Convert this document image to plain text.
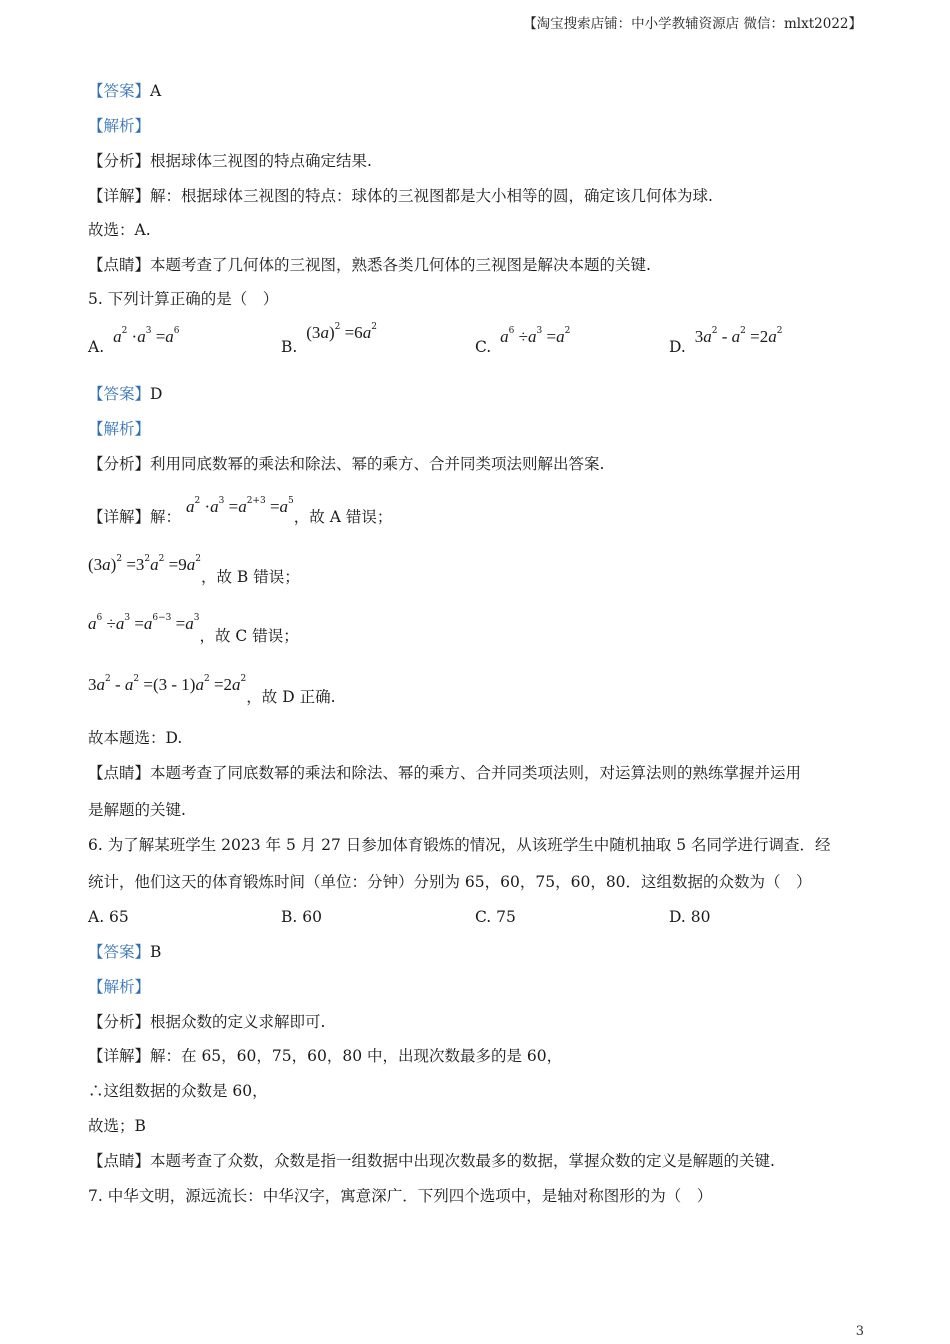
【淘宝搜索店铺：中小学教辅资源店 微信：mlxt2022】
【答案】A
【解析】
【分析】根据球体三视图的特点确定结果.
【详解】解：根据球体三视图的特点：球体的三视图都是大小相等的圆，确定该几何体为球.
故选：A.
【点睛】本题考查了几何体的三视图，熟悉各类几何体的三视图是解决本题的关键.
5. 下列计算正确的是（　）
A. $a^2 \cdot a^3 =a^6$
B. $(3a)^2 =6a^2$
C. $a^6 \div a^3 =a^2$
D. $3a^2 - a^2 =2a^2$
【答案】D
【解析】
【分析】利用同底数幂的乘法和除法、幂的乘方、合并同类项法则解出答案.
【详解】解： $a^2 \cdot a^3 =a^{2+3} =a^5$，故 A 错误；
$(3a)^2 =3^2a^2 =9a^2$，故 B 错误；
$a^6 \div a^3 =a^{6-3} =a^3$，故 C 错误；
$3a^2 - a^2 =(3 - 1)a^2 =2a^2$，故 D 正确.
故本题选：D.
【点睛】本题考查了同底数幂的乘法和除法、幂的乘方、合并同类项法则，对运算法则的熟练掌握并运用
是解题的关键.
6. 为了解某班学生 2023 年 5 月 27 日参加体育锻炼的情况，从该班学生中随机抽取 5 名同学进行调查．经
统计，他们这天的体育锻炼时间（单位：分钟）分别为 65，60，75，60，80．这组数据的众数为（　）
A. 65	B. 60	C. 75	D. 80
【答案】B
【解析】
【分析】根据众数的定义求解即可.
【详解】解：在 65，60，75，60，80 中，出现次数最多的是 60，
∴这组数据的众数是 60，
故选；B
【点睛】本题考查了众数，众数是指一组数据中出现次数最多的数据，掌握众数的定义是解题的关键.
7. 中华文明，源远流长：中华汉字，寓意深广．下列四个选项中，是轴对称图形的为（　）
3
